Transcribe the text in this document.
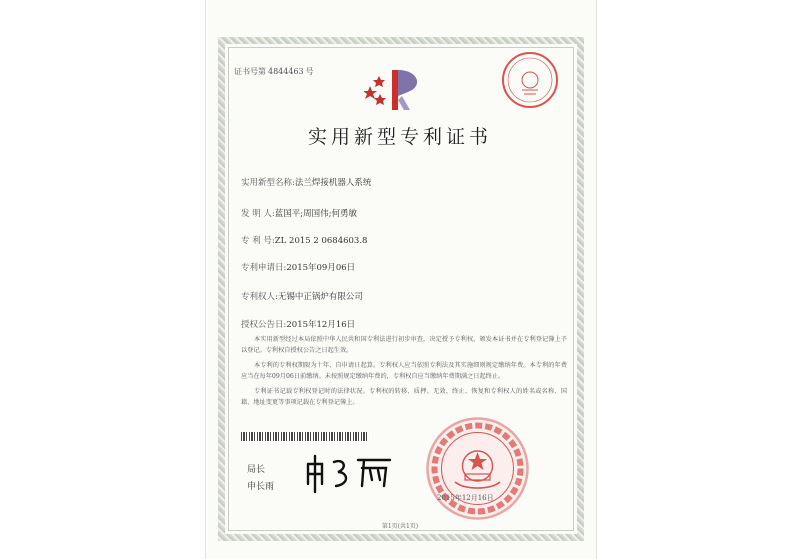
证书号第 4844463 号
实用新型专利证书
实用新型名称:法兰焊接机器人系统
发 明 人:蓝国平;周国伟;何勇敏
专 利 号:ZL 2015 2 0684603.8
专利申请日:2015年09月06日
专利权人:无锡中正锅炉有限公司
授权公告日:2015年12月16日

本实用新型经过本局依照中华人民共和国专利法进行初步审查，决定授予专利权，颁发本证书并在专利登记簿上予以登记。专利权自授权公告之日起生效。

本专利的专利权期限为十年，自申请日起算。专利权人应当依照专利法及其实施细则规定缴纳年费。本专利的年费应当在每年09月06日前缴纳。未按照规定缴纳年费的，专利权自应当缴纳年费期满之日起终止。

专利证书记载专利权登记时的法律状况。专利权的转移、质押、无效、终止、恢复和专利权人的姓名或名称、国籍、地址变更等事项记载在专利登记簿上。

局长
申长雨
2015年12月16日
第1页(共1页)
